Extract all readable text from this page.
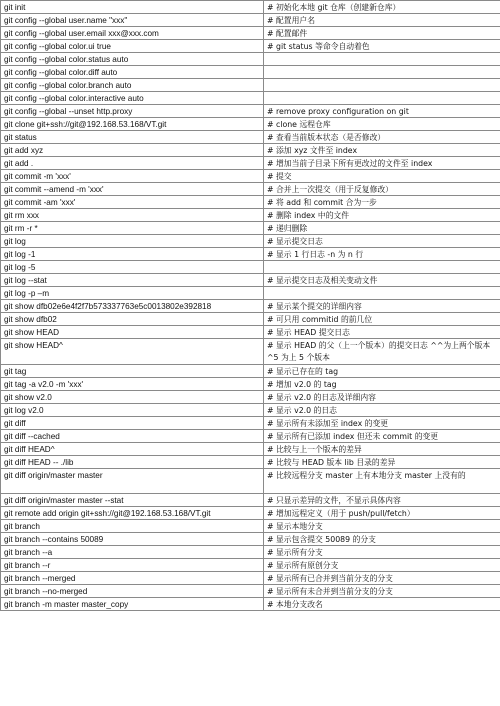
git init	# 初始化本地 git 仓库（创建新仓库）
git config --global user.name "xxx"	# 配置用户名
git config --global user.email xxx@xxx.com	# 配置邮件
git config --global color.ui true	# git status 等命令自动着色
git config --global color.status auto	
git config --global color.diff auto	
git config --global color.branch auto	
git config --global color.interactive auto	
git config --global --unset http.proxy	# remove proxy configuration on git
git clone git+ssh://git@192.168.53.168/VT.git	# clone 远程仓库
git status	# 查看当前版本状态（是否修改）
git add xyz	# 添加 xyz 文件至 index
git add .	# 增加当前子目录下所有更改过的文件至 index
git commit -m 'xxx'	# 提交
git commit --amend -m 'xxx'	# 合并上一次提交（用于反复修改）
git commit -am 'xxx'	# 将 add 和 commit 合为一步
git rm xxx	# 删除 index 中的文件
git rm -r *	# 递归删除
git log	# 显示提交日志
git log -1	# 显示 1 行日志 -n 为 n 行
git log -5	
git log --stat	# 显示提交日志及相关变动文件
git log -p –m	
git show dfb02e6e4f2f7b573337763e5c0013802e392818	# 显示某个提交的详细内容
git show dfb02	# 可只用 commitid 的前几位
git show HEAD	# 显示 HEAD 提交日志
git show HEAD^	# 显示 HEAD 的父（上一个版本）的提交日志 ^^为上两个版本 ^5 为上 5 个版本
git tag	# 显示已存在的 tag
git tag -a v2.0 -m 'xxx'	# 增加 v2.0 的 tag
git show v2.0	# 显示 v2.0 的日志及详细内容
git log v2.0	# 显示 v2.0 的日志
git diff	# 显示所有未添加至 index 的变更
git diff --cached	# 显示所有已添加 index 但还未 commit 的变更
git diff HEAD^	# 比较与上一个版本的差异
git diff HEAD -- ./lib	# 比较与 HEAD 版本 lib 目录的差异
git diff origin/master master	# 比较远程分支 master 上有本地分支 master 上没有的
git diff origin/master master --stat	# 只显示差异的文件，不显示具体内容
git remote add origin git+ssh://git@192.168.53.168/VT.git	# 增加远程定义（用于 push/pull/fetch）
git branch	# 显示本地分支
git branch --contains 50089	# 显示包含提交 50089 的分支
git branch --a	# 显示所有分支
git branch --r	# 显示所有原创分支
git branch --merged	# 显示所有已合并到当前分支的分支
git branch --no-merged	# 显示所有未合并到当前分支的分支
git branch -m master master_copy	# 本地分支改名
